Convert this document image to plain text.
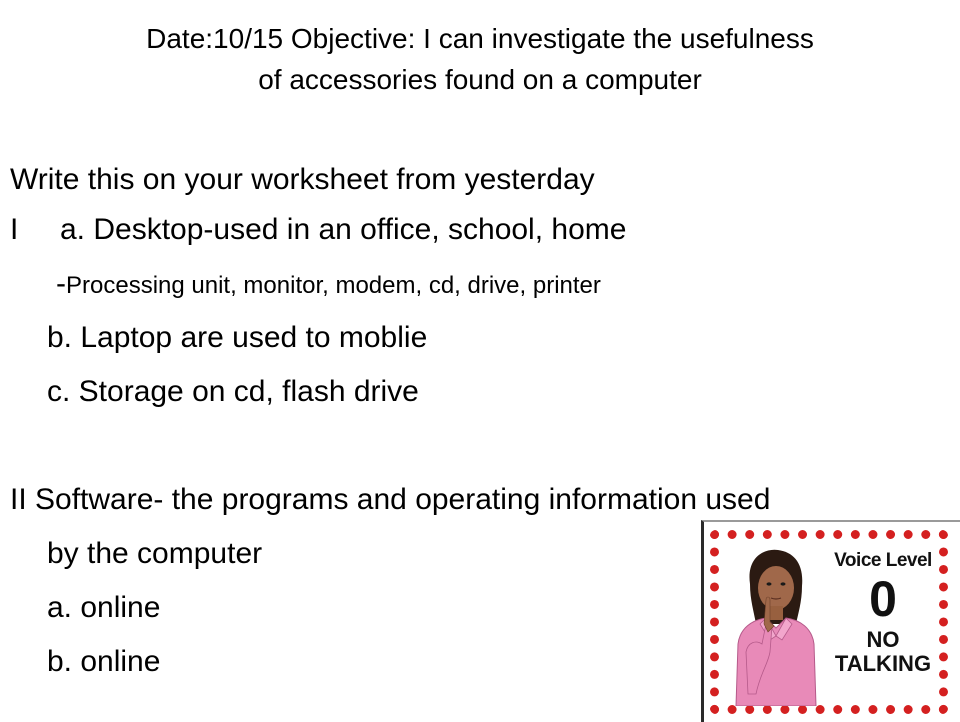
Date:10/15 Objective: I can investigate the usefulness
of accessories found on a computer
Write this on your worksheet from yesterday
I a. Desktop-used in an office, school, home
-Processing unit, monitor, modem, cd, drive, printer
b. Laptop are used to moblie
c. Storage on cd, flash drive
II Software- the programs and operating information used
by the computer
a. online
b. online
Voice Level
0
NO
TALKING
